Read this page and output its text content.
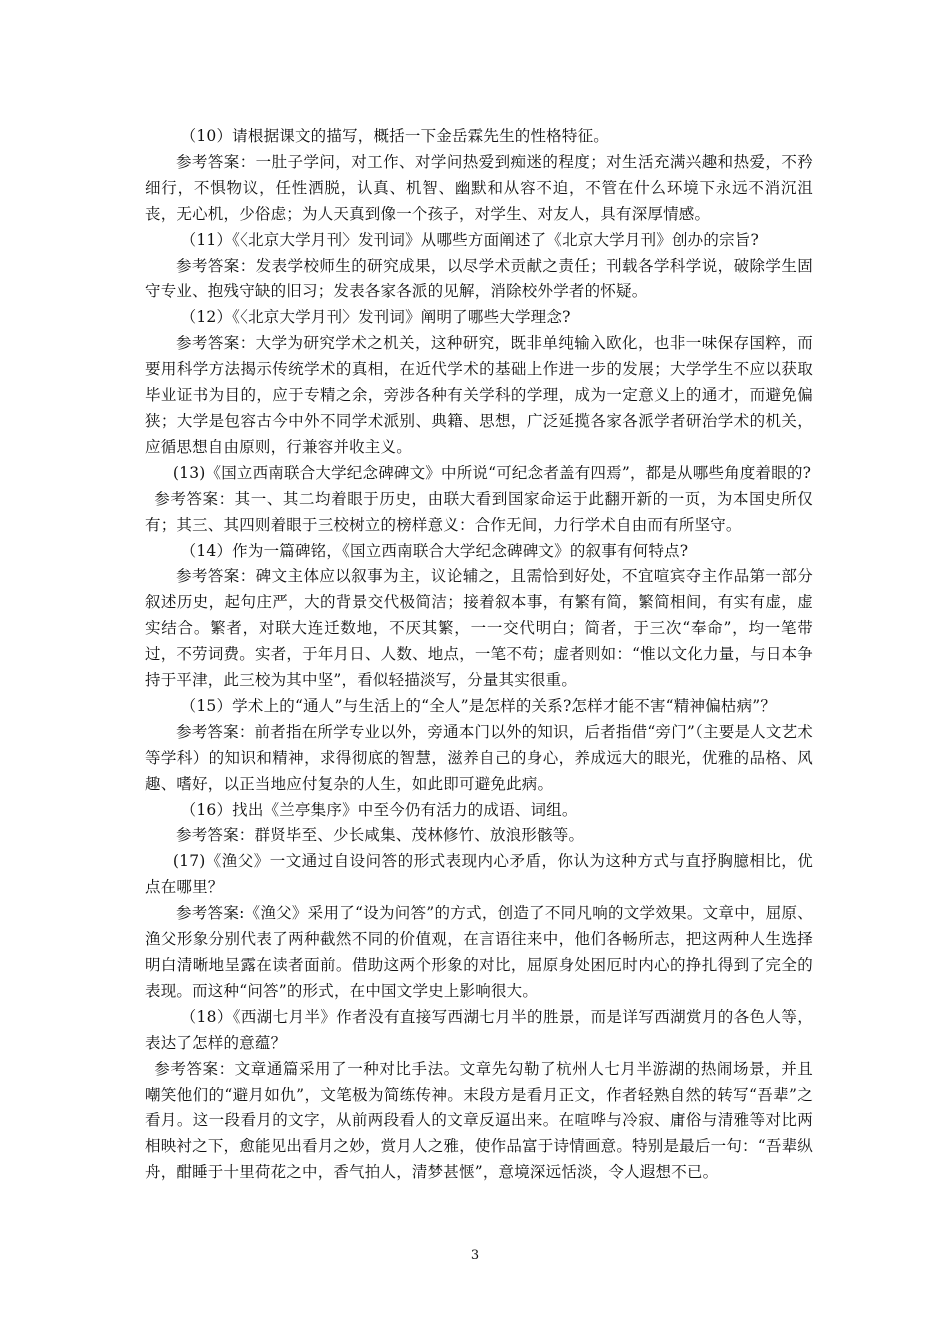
（10）请根据课文的描写，概括一下金岳霖先生的性格特征。

参考答案：一肚子学问，对工作、对学问热爱到痴迷的程度；对生活充满兴趣和热爱，不矜细行，不惧物议，任性洒脱，认真、机智、幽默和从容不迫，不管在什么环境下永远不消沉沮丧，无心机，少俗虑；为人天真到像一个孩子，对学生、对友人，具有深厚情感。

（11）《〈北京大学月刊〉发刊词》从哪些方面阐述了《北京大学月刊》创办的宗旨?

参考答案：发表学校师生的研究成果，以尽学术贡献之责任；刊载各学科学说，破除学生固守专业、抱残守缺的旧习；发表各家各派的见解，消除校外学者的怀疑。

（12）《〈北京大学月刊〉发刊词》阐明了哪些大学理念?

参考答案：大学为研究学术之机关，这种研究，既非单纯输入欧化，也非一味保存国粹，而要用科学方法揭示传统学术的真相，在近代学术的基础上作进一步的发展；大学学生不应以获取毕业证书为目的，应于专精之余，旁涉各种有关学科的学理，成为一定意义上的通才，而避免偏狭；大学是包容古今中外不同学术派别、典籍、思想，广泛延揽各家各派学者研治学术的机关，应循思想自由原则，行兼容并收主义。

(13)《国立西南联合大学纪念碑碑文》中所说“可纪念者盖有四焉”，都是从哪些角度着眼的?

参考答案：其一、其二均着眼于历史，由联大看到国家命运于此翻开新的一页，为本国史所仅有；其三、其四则着眼于三校树立的榜样意义：合作无间，力行学术自由而有所坚守。

（14）作为一篇碑铭，《国立西南联合大学纪念碑碑文》的叙事有何特点?

参考答案：碑文主体应以叙事为主，议论辅之，且需恰到好处，不宜喧宾夺主作品第一部分叙述历史，起句庄严，大的背景交代极简洁；接着叙本事，有繁有简，繁简相间，有实有虚，虚实结合。繁者，对联大连迁数地，不厌其繁，一一交代明白；简者，于三次“奉命”，均一笔带过，不劳词费。实者，于年月日、人数、地点，一笔不苟；虚者则如：“惟以文化力量，与日本争持于平津，此三校为其中坚”，看似轻描淡写，分量其实很重。

（15）学术上的“通人”与生活上的“全人”是怎样的关系?怎样才能不害“精神偏枯病”？

参考答案：前者指在所学专业以外，旁通本门以外的知识，后者指借“旁门”（主要是人文艺术等学科）的知识和精神，求得彻底的智慧，滋养自己的身心，养成远大的眼光，优雅的品格、风趣、嗜好，以正当地应付复杂的人生，如此即可避免此病。

（16）找出《兰亭集序》中至今仍有活力的成语、词组。

参考答案：群贤毕至、少长咸集、茂林修竹、放浪形骸等。

(17)《渔父》一文通过自设问答的形式表现内心矛盾，你认为这种方式与直抒胸臆相比，优点在哪里？

参考答案:《渔父》采用了“设为问答”的方式，创造了不同凡响的文学效果。文章中，屈原、渔父形象分别代表了两种截然不同的价值观，在言语往来中，他们各畅所志，把这两种人生选择明白清晰地呈露在读者面前。借助这两个形象的对比，屈原身处困厄时内心的挣扎得到了完全的表现。而这种“问答”的形式，在中国文学史上影响很大。

（18）《西湖七月半》作者没有直接写西湖七月半的胜景，而是详写西湖赏月的各色人等，表达了怎样的意蕴？

参考答案：文章通篇采用了一种对比手法。文章先勾勒了杭州人七月半游湖的热闹场景，并且嘲笑他们的“避月如仇”，文笔极为简练传神。末段方是看月正文，作者轻熟自然的转写“吾辈”之看月。这一段看月的文字，从前两段看人的文章反逼出来。在喧哗与冷寂、庸俗与清雅等对比两相映衬之下，愈能见出看月之妙，赏月人之雅，使作品富于诗情画意。特别是最后一句：“吾辈纵舟，酣睡于十里荷花之中，香气拍人，清梦甚惬”，意境深远恬淡，令人遐想不已。

3
